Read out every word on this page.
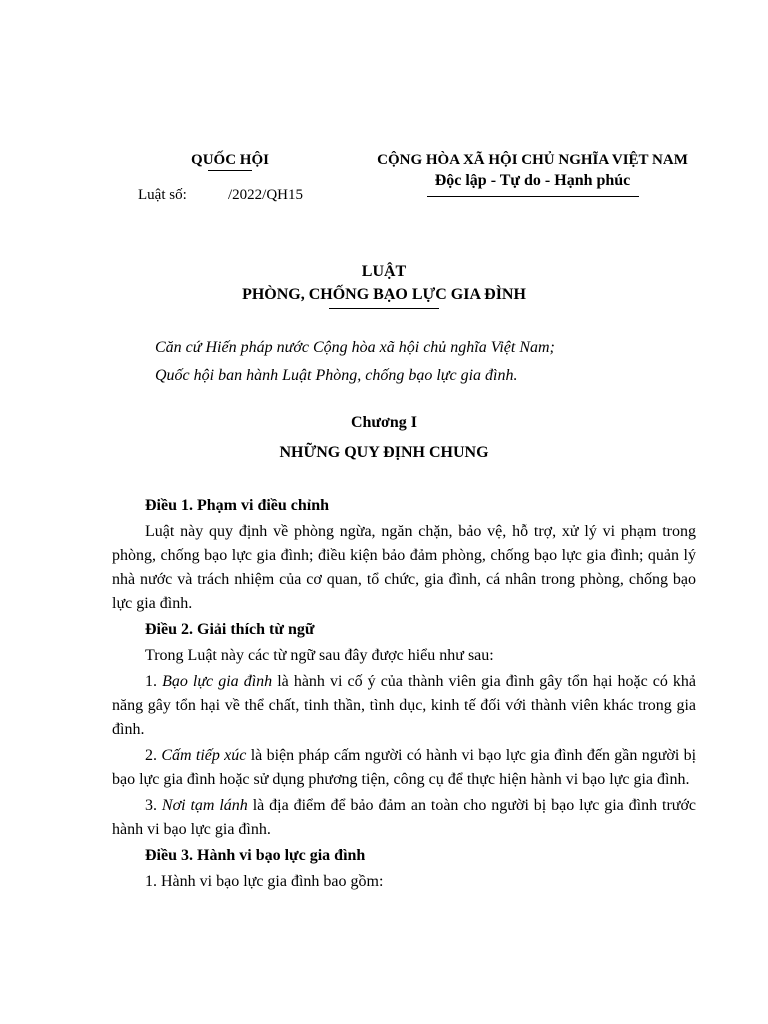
QUỐC HỘI
Luật số:           /2022/QH15
CỘNG HÒA XÃ HỘI CHỦ NGHĨA VIỆT NAM
Độc lập - Tự do - Hạnh phúc
LUẬT
PHÒNG, CHỐNG BẠO LỰC GIA ĐÌNH
Căn cứ Hiến pháp nước Cộng hòa xã hội chủ nghĩa Việt Nam;
Quốc hội ban hành Luật Phòng, chống bạo lực gia đình.
Chương I
NHỮNG QUY ĐỊNH CHUNG

Điều 1. Phạm vi điều chỉnh

Luật này quy định về phòng ngừa, ngăn chặn, bảo vệ, hỗ trợ, xử lý vi phạm trong phòng, chống bạo lực gia đình; điều kiện bảo đảm phòng, chống bạo lực gia đình; quản lý nhà nước và trách nhiệm của cơ quan, tổ chức, gia đình, cá nhân trong phòng, chống bạo lực gia đình.

Điều 2. Giải thích từ ngữ

Trong Luật này các từ ngữ sau đây được hiểu như sau:

1. Bạo lực gia đình là hành vi cố ý của thành viên gia đình gây tổn hại hoặc có khả năng gây tổn hại về thể chất, tinh thần, tình dục, kinh tế đối với thành viên khác trong gia đình.

2. Cấm tiếp xúc là biện pháp cấm người có hành vi bạo lực gia đình đến gần người bị bạo lực gia đình hoặc sử dụng phương tiện, công cụ để thực hiện hành vi bạo lực gia đình.

3. Nơi tạm lánh là địa điểm để bảo đảm an toàn cho người bị bạo lực gia đình trước hành vi bạo lực gia đình.

Điều 3. Hành vi bạo lực gia đình

1. Hành vi bạo lực gia đình bao gồm:
